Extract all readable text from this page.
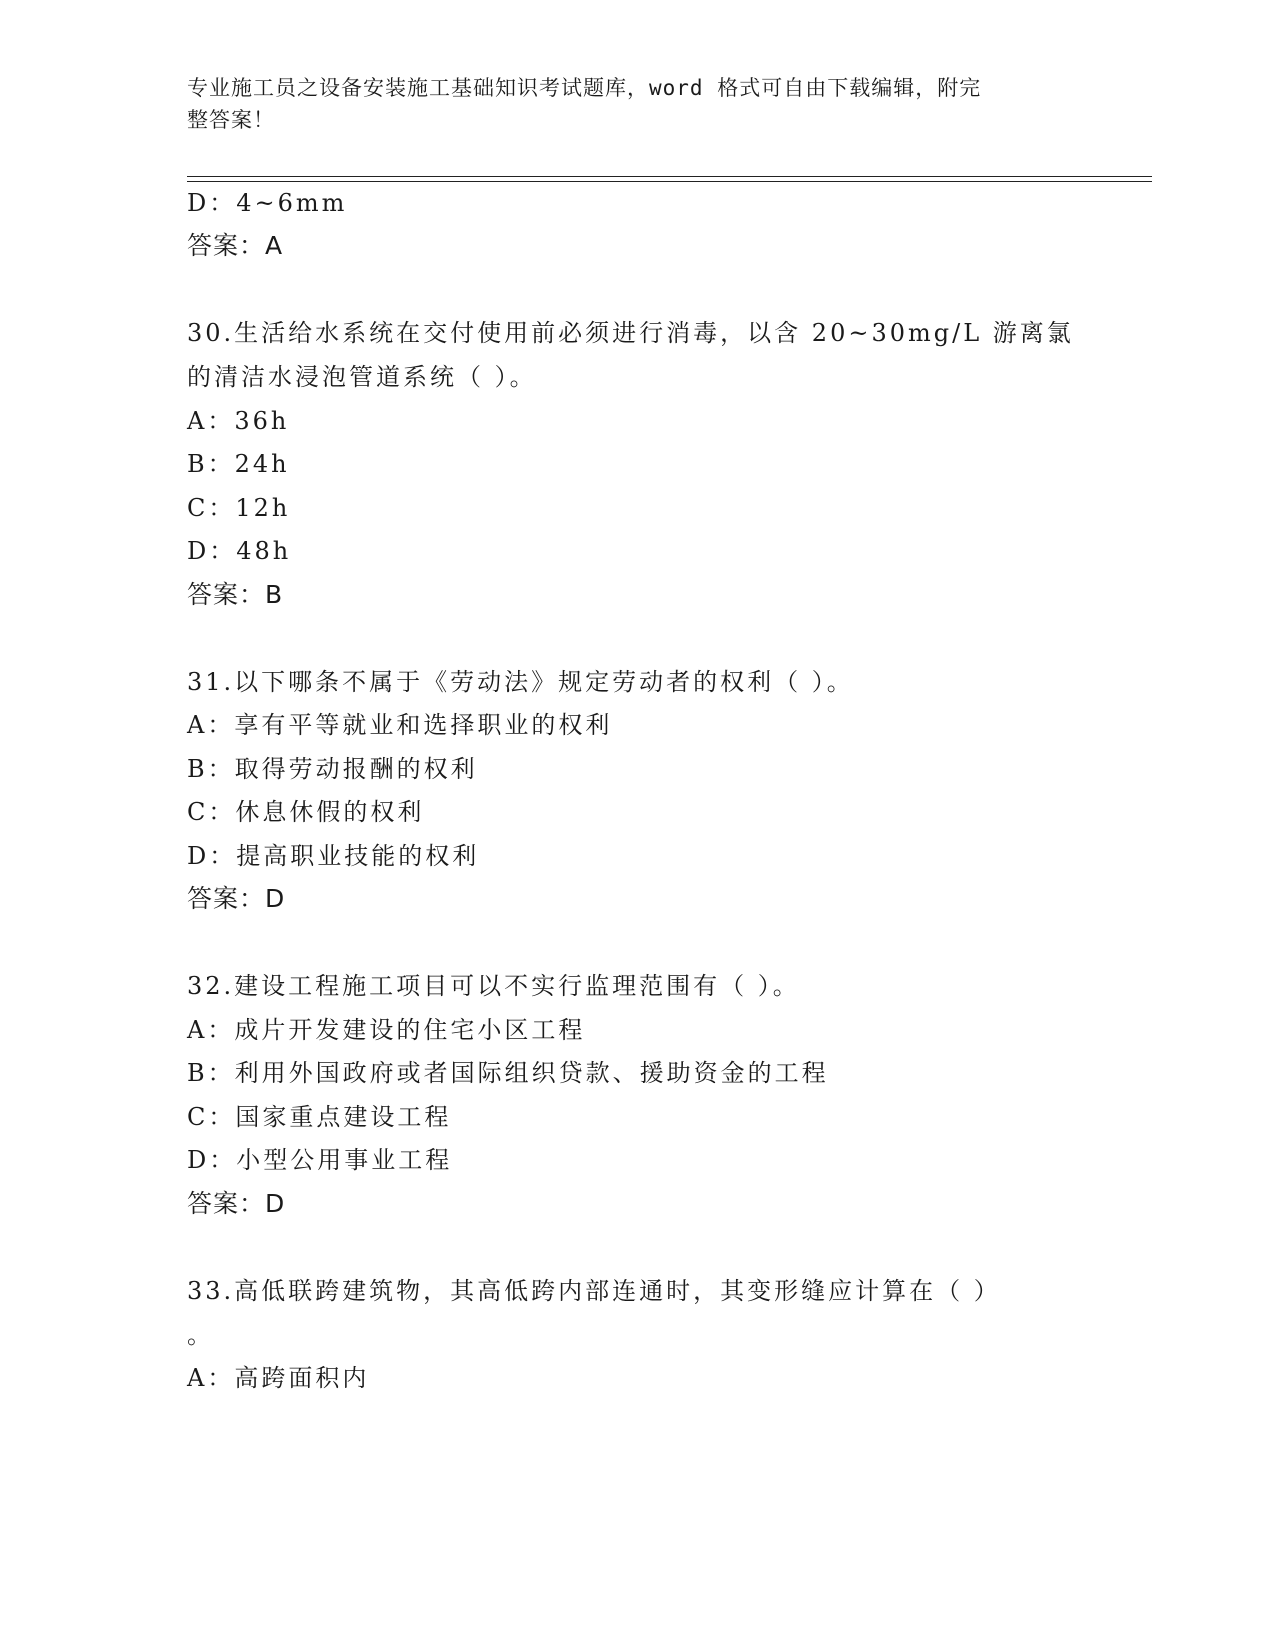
专业施工员之设备安装施工基础知识考试题库，word 格式可自由下载编辑，附完
整答案！
D：4~6mm
答案：A
30.生活给水系统在交付使用前必须进行消毒，以含 20~30mg/L 游离氯
的清洁水浸泡管道系统（ ）。
A：36h
B：24h
C：12h
D：48h
答案：B
31.以下哪条不属于《劳动法》规定劳动者的权利（ ）。
A：享有平等就业和选择职业的权利
B：取得劳动报酬的权利
C：休息休假的权利
D：提高职业技能的权利
答案：D
32.建设工程施工项目可以不实行监理范围有（ ）。
A：成片开发建设的住宅小区工程
B：利用外国政府或者国际组织贷款、援助资金的工程
C：国家重点建设工程
D：小型公用事业工程
答案：D
33.高低联跨建筑物，其高低跨内部连通时，其变形缝应计算在（ ）
。
A：高跨面积内
